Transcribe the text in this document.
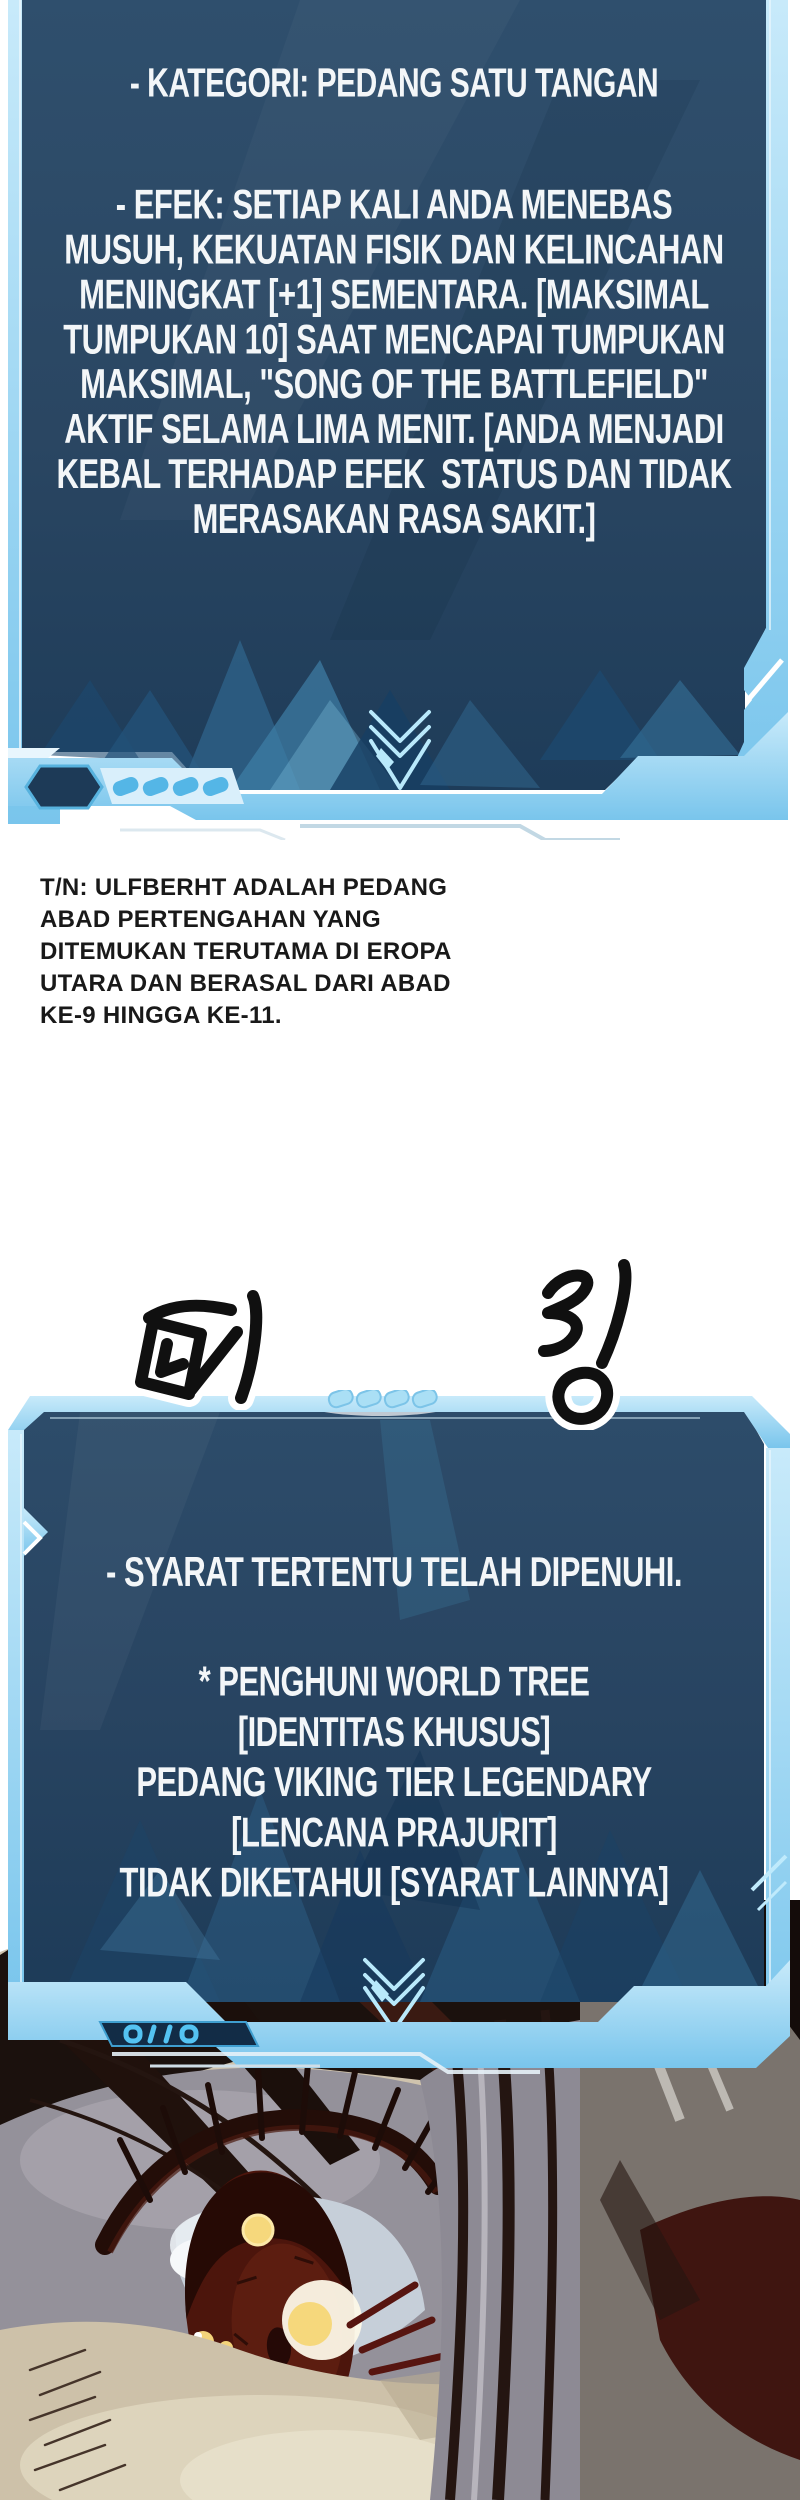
- KATEGORI: PEDANG SATU TANGAN
- EFEK: SETIAP KALI ANDA MENEBAS
MUSUH, KEKUATAN FISIK DAN KELINCAHAN
MENINGKAT [+1] SEMENTARA. [MAKSIMAL
TUMPUKAN 10] SAAT MENCAPAI TUMPUKAN
MAKSIMAL, "SONG OF THE BATTLEFIELD"
AKTIF SELAMA LIMA MENIT. [ANDA MENJADI
KEBAL TERHADAP EFEK  STATUS DAN TIDAK
MERASAKAN RASA SAKIT.]
T/N: ULFBERHT ADALAH PEDANG
ABAD PERTENGAHAN YANG
DITEMUKAN TERUTAMA DI EROPA
UTARA DAN BERASAL DARI ABAD
KE-9 HINGGA KE-11.
- SYARAT TERTENTU TELAH DIPENUHI.
* PENGHUNI WORLD TREE
[IDENTITAS KHUSUS]
PEDANG VIKING TIER LEGENDARY
[LENCANA PRAJURIT]
TIDAK DIKETAHUI [SYARAT LAINNYA]
